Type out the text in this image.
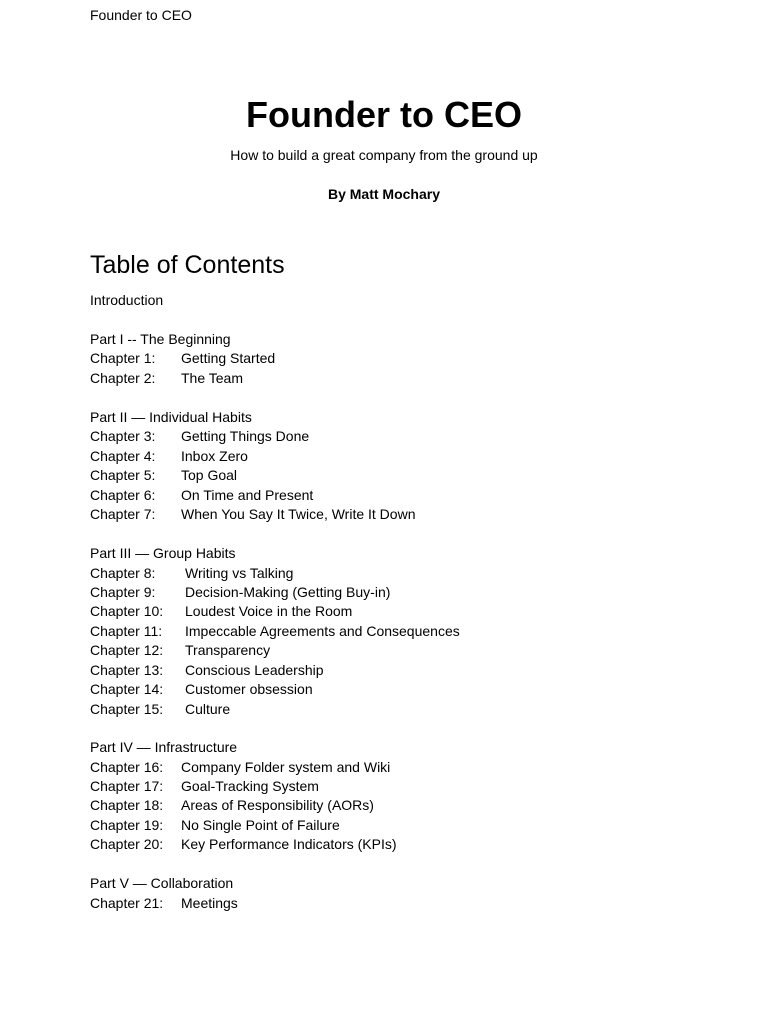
Founder to CEO
Founder to CEO
How to build a great company from the ground up
By Matt Mochary
Table of Contents
Introduction
Part I -- The Beginning
Chapter 1: Getting Started
Chapter 2: The Team
Part II — Individual Habits
Chapter 3: Getting Things Done
Chapter 4: Inbox Zero
Chapter 5: Top Goal
Chapter 6: On Time and Present
Chapter 7: When You Say It Twice, Write It Down
Part III — Group Habits
Chapter 8: Writing vs Talking
Chapter 9: Decision-Making (Getting Buy-in)
Chapter 10: Loudest Voice in the Room
Chapter 11: Impeccable Agreements and Consequences
Chapter 12: Transparency
Chapter 13: Conscious Leadership
Chapter 14: Customer obsession
Chapter 15: Culture
Part IV — Infrastructure
Chapter 16: Company Folder system and Wiki
Chapter 17: Goal-Tracking System
Chapter 18: Areas of Responsibility (AORs)
Chapter 19: No Single Point of Failure
Chapter 20: Key Performance Indicators (KPIs)
Part V — Collaboration
Chapter 21: Meetings
